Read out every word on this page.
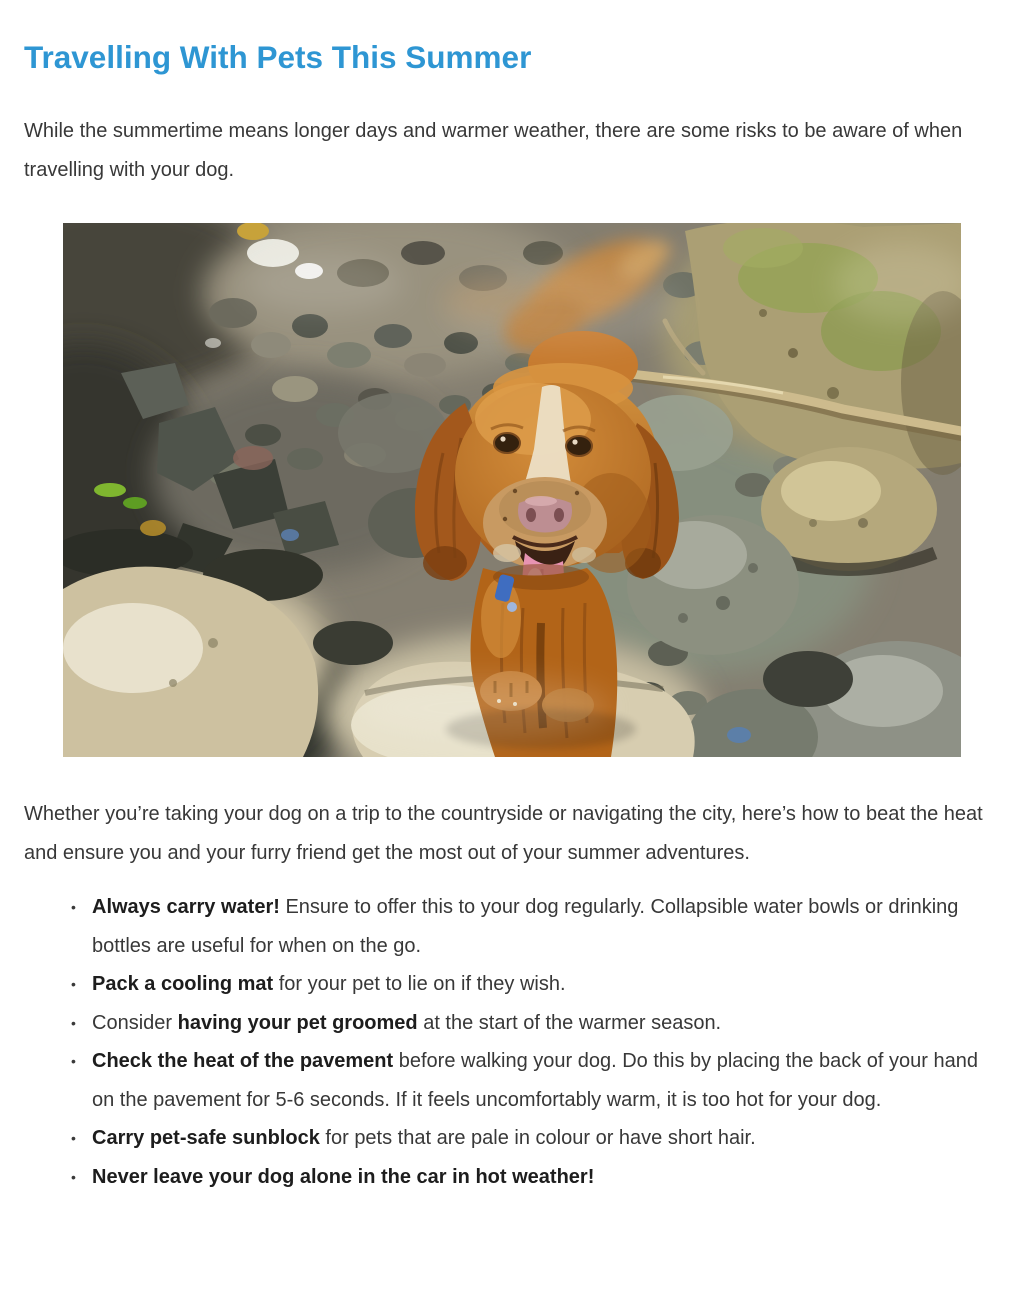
Travelling With Pets This Summer

While the summertime means longer days and warmer weather, there are some risks to be aware of when travelling with your dog.

Whether you’re taking your dog on a trip to the countryside or navigating the city, here’s how to beat the heat and ensure you and your furry friend get the most out of your summer adventures.

• Always carry water! Ensure to offer this to your dog regularly. Collapsible water bowls or drinking bottles are useful for when on the go.
• Pack a cooling mat for your pet to lie on if they wish.
• Consider having your pet groomed at the start of the warmer season.
• Check the heat of the pavement before walking your dog. Do this by placing the back of your hand on the pavement for 5-6 seconds. If it feels uncomfortably warm, it is too hot for your dog.
• Carry pet-safe sunblock for pets that are pale in colour or have short hair.
• Never leave your dog alone in the car in hot weather!
